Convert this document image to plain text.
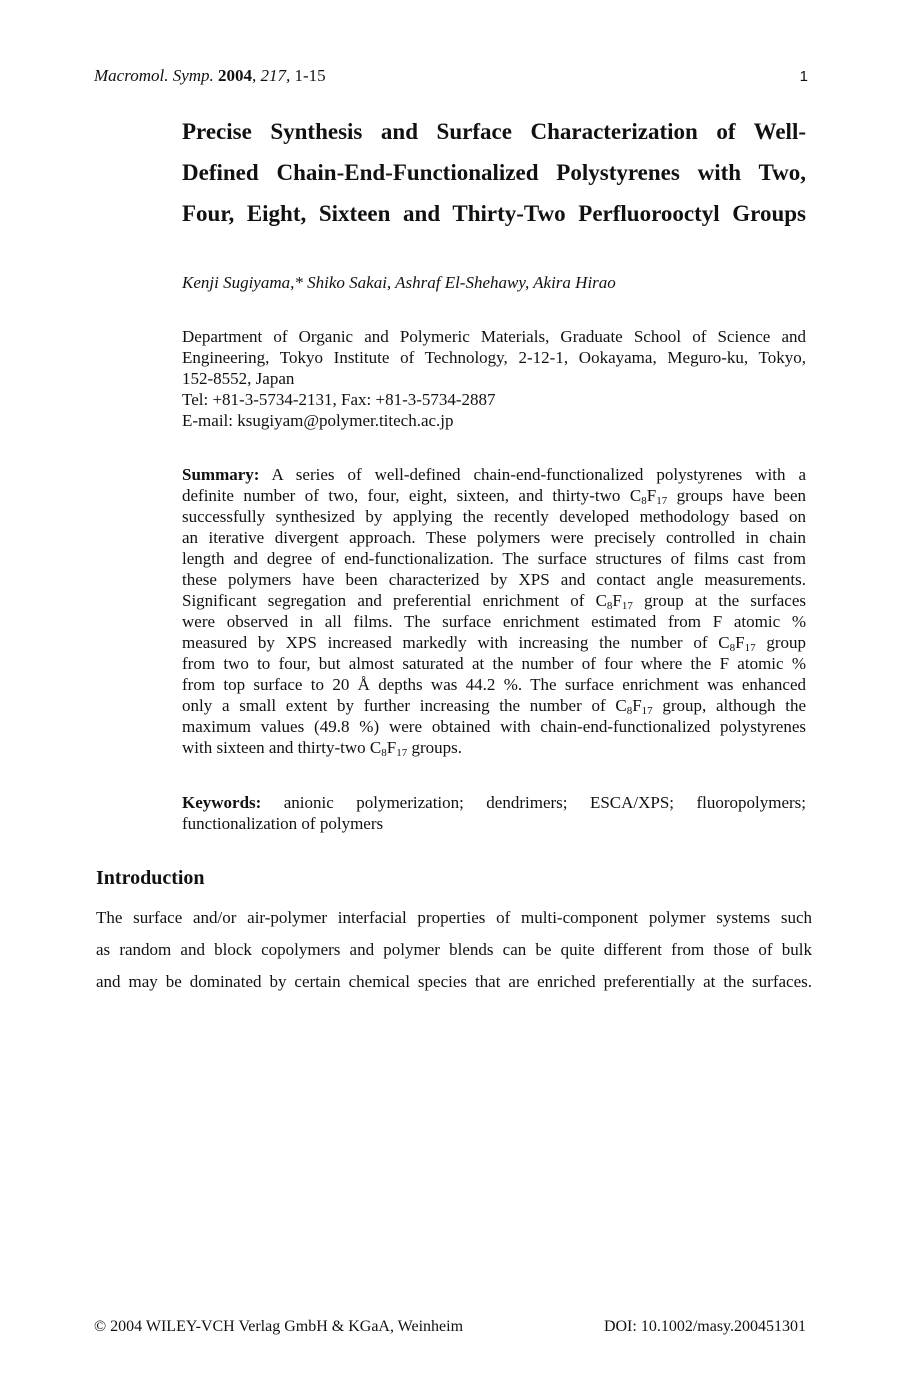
Macromol. Symp. 2004, 217, 1-15	1
Precise Synthesis and Surface Characterization of Well-
Defined Chain-End-Functionalized Polystyrenes with Two,
Four, Eight, Sixteen and Thirty-Two Perfluorooctyl Groups
Kenji Sugiyama,* Shiko Sakai, Ashraf El-Shehawy, Akira Hirao
Department of Organic and Polymeric Materials, Graduate School of Science and
Engineering, Tokyo Institute of Technology, 2-12-1, Ookayama, Meguro-ku, Tokyo,
152-8552, Japan
Tel: +81-3-5734-2131, Fax: +81-3-5734-2887
E-mail: ksugiyam@polymer.titech.ac.jp
Summary: A series of well-defined chain-end-functionalized polystyrenes with a
definite number of two, four, eight, sixteen, and thirty-two $C_8F_{17}$ groups have been
successfully synthesized by applying the recently developed methodology based on
an iterative divergent approach. These polymers were precisely controlled in chain
length and degree of end-functionalization. The surface structures of films cast from
these polymers have been characterized by XPS and contact angle measurements.
Significant segregation and preferential enrichment of $C_8F_{17}$ group at the surfaces
were observed in all films. The surface enrichment estimated from F atomic %
measured by XPS increased markedly with increasing the number of $C_8F_{17}$ group
from two to four, but almost saturated at the number of four where the F atomic %
from top surface to 20 Å depths was 44.2 %. The surface enrichment was enhanced
only a small extent by further increasing the number of $C_8F_{17}$ group, although the
maximum values (49.8 %) were obtained with chain-end-functionalized polystyrenes
with sixteen and thirty-two $C_8F_{17}$ groups.
Keywords: anionic polymerization; dendrimers; ESCA/XPS; fluoropolymers;
functionalization of polymers
Introduction
The surface and/or air-polymer interfacial properties of multi-component polymer systems such
as random and block copolymers and polymer blends can be quite different from those of bulk
and may be dominated by certain chemical species that are enriched preferentially at the surfaces.
© 2004 WILEY-VCH Verlag GmbH & KGaA, Weinheim	DOI: 10.1002/masy.200451301
